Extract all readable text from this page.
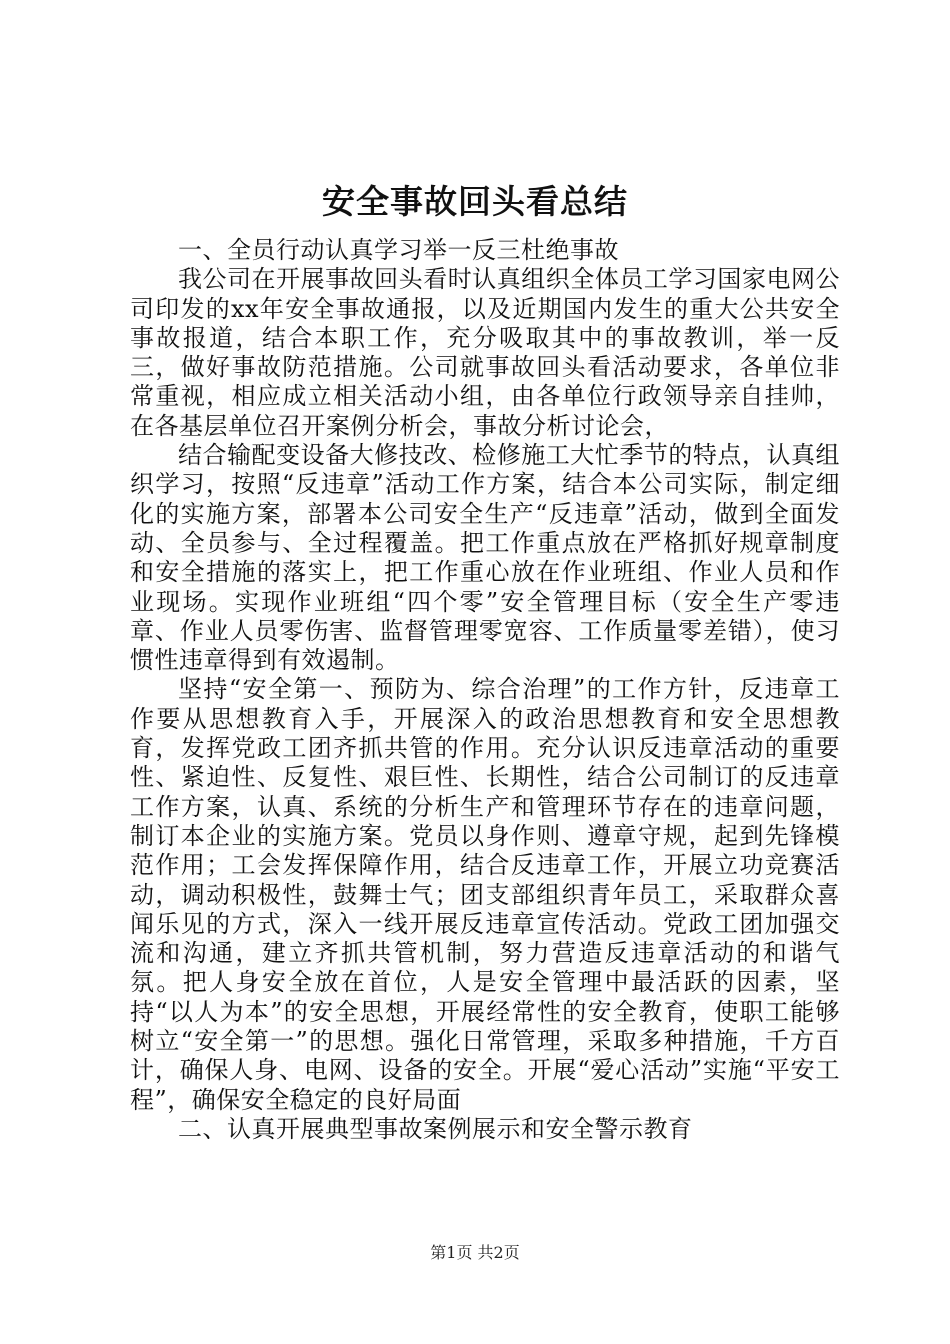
安全事故回头看总结

一、全员行动认真学习举一反三杜绝事故

我公司在开展事故回头看时认真组织全体员工学习国家电网公司印发的xx年安全事故通报，以及近期国内发生的重大公共安全事故报道，结合本职工作，充分吸取其中的事故教训，举一反三，做好事故防范措施。公司就事故回头看活动要求，各单位非常重视，相应成立相关活动小组，由各单位行政领导亲自挂帅，在各基层单位召开案例分析会，事故分析讨论会，

结合输配变设备大修技改、检修施工大忙季节的特点，认真组织学习，按照“反违章”活动工作方案，结合本公司实际，制定细化的实施方案，部署本公司安全生产“反违章”活动，做到全面发动、全员参与、全过程覆盖。把工作重点放在严格抓好规章制度和安全措施的落实上，把工作重心放在作业班组、作业人员和作业现场。实现作业班组“四个零”安全管理目标（安全生产零违章、作业人员零伤害、监督管理零宽容、工作质量零差错），使习惯性违章得到有效遏制。

坚持“安全第一、预防为、综合治理”的工作方针，反违章工作要从思想教育入手，开展深入的政治思想教育和安全思想教育，发挥党政工团齐抓共管的作用。充分认识反违章活动的重要性、紧迫性、反复性、艰巨性、长期性，结合公司制订的反违章工作方案，认真、系统的分析生产和管理环节存在的违章问题，制订本企业的实施方案。党员以身作则、遵章守规，起到先锋模范作用；工会发挥保障作用，结合反违章工作，开展立功竞赛活动，调动积极性，鼓舞士气；团支部组织青年员工，采取群众喜闻乐见的方式，深入一线开展反违章宣传活动。党政工团加强交流和沟通，建立齐抓共管机制，努力营造反违章活动的和谐气氛。把人身安全放在首位，人是安全管理中最活跃的因素，坚持“以人为本”的安全思想，开展经常性的安全教育，使职工能够树立“安全第一”的思想。强化日常管理，采取多种措施，千方百计，确保人身、电网、设备的安全。开展“爱心活动”实施“平安工程”，确保安全稳定的良好局面

二、认真开展典型事故案例展示和安全警示教育

第1页 共2页
